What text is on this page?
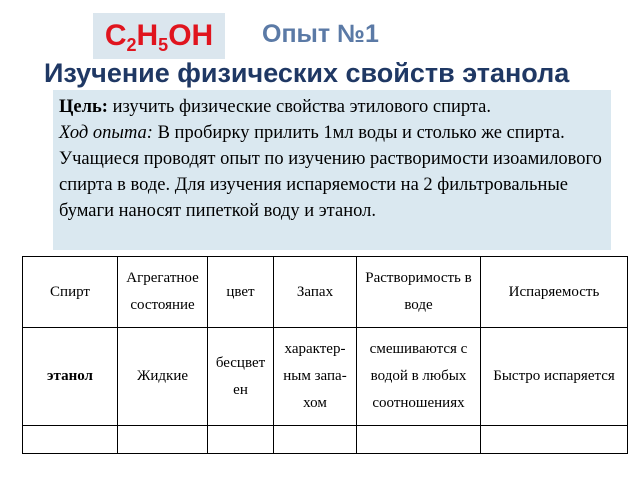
$C_2H_5OH$	Опыт №1
Изучение физических свойств этанола

Цель: изучить физические свойства этилового спирта.

Ход опыта: В пробирку прилить 1мл воды и столько же спирта. Учащиеся проводят опыт по изучению растворимости изоамилового спирта в воде. Для изучения испаряемости на 2 фильтровальные бумаги наносят пипеткой воду и этанол.

Спирт	Агрегатное состояние	цвет	Запах	Растворимость в воде	Испаряемость
этанол	Жидкие	бесцвет ен	характер-ным запа-хом	смешиваются с водой в любых соотношениях	Быстро испаряется
